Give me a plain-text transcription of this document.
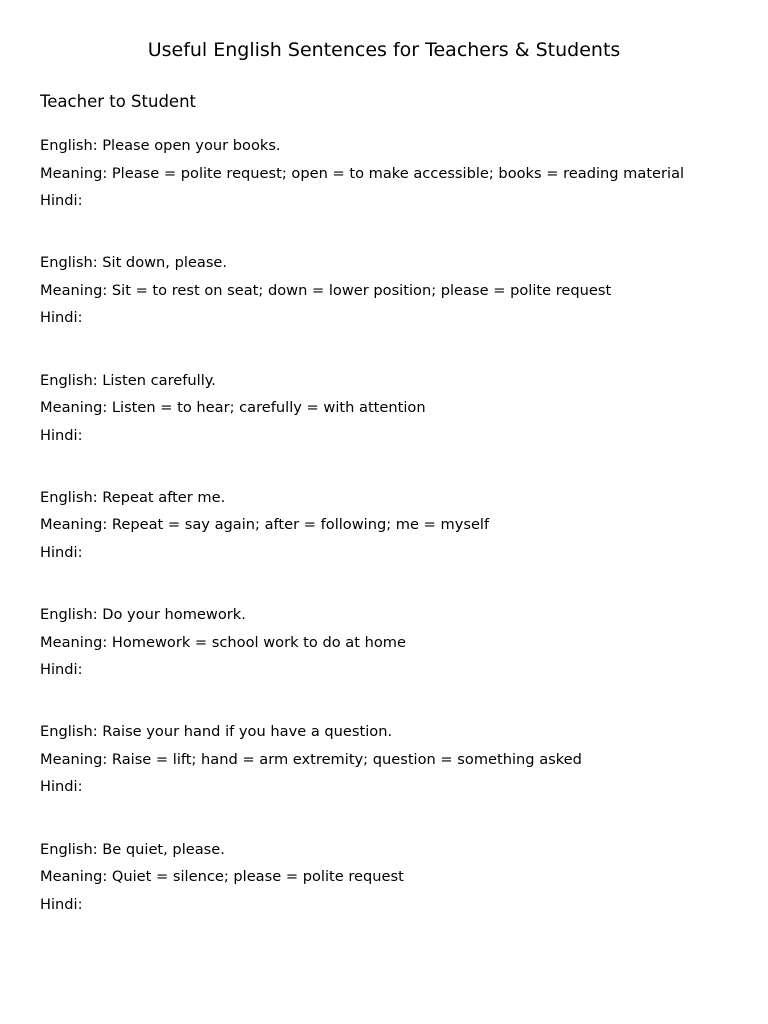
Useful English Sentences for Teachers & Students
Teacher to Student
English: Please open your books.
Meaning: Please = polite request; open = to make accessible; books = reading material
Hindi:
English: Sit down, please.
Meaning: Sit = to rest on seat; down = lower position; please = polite request
Hindi:
English: Listen carefully.
Meaning: Listen = to hear; carefully = with attention
Hindi:
English: Repeat after me.
Meaning: Repeat = say again; after = following; me = myself
Hindi:
English: Do your homework.
Meaning: Homework = school work to do at home
Hindi:
English: Raise your hand if you have a question.
Meaning: Raise = lift; hand = arm extremity; question = something asked
Hindi:
English: Be quiet, please.
Meaning: Quiet = silence; please = polite request
Hindi:
